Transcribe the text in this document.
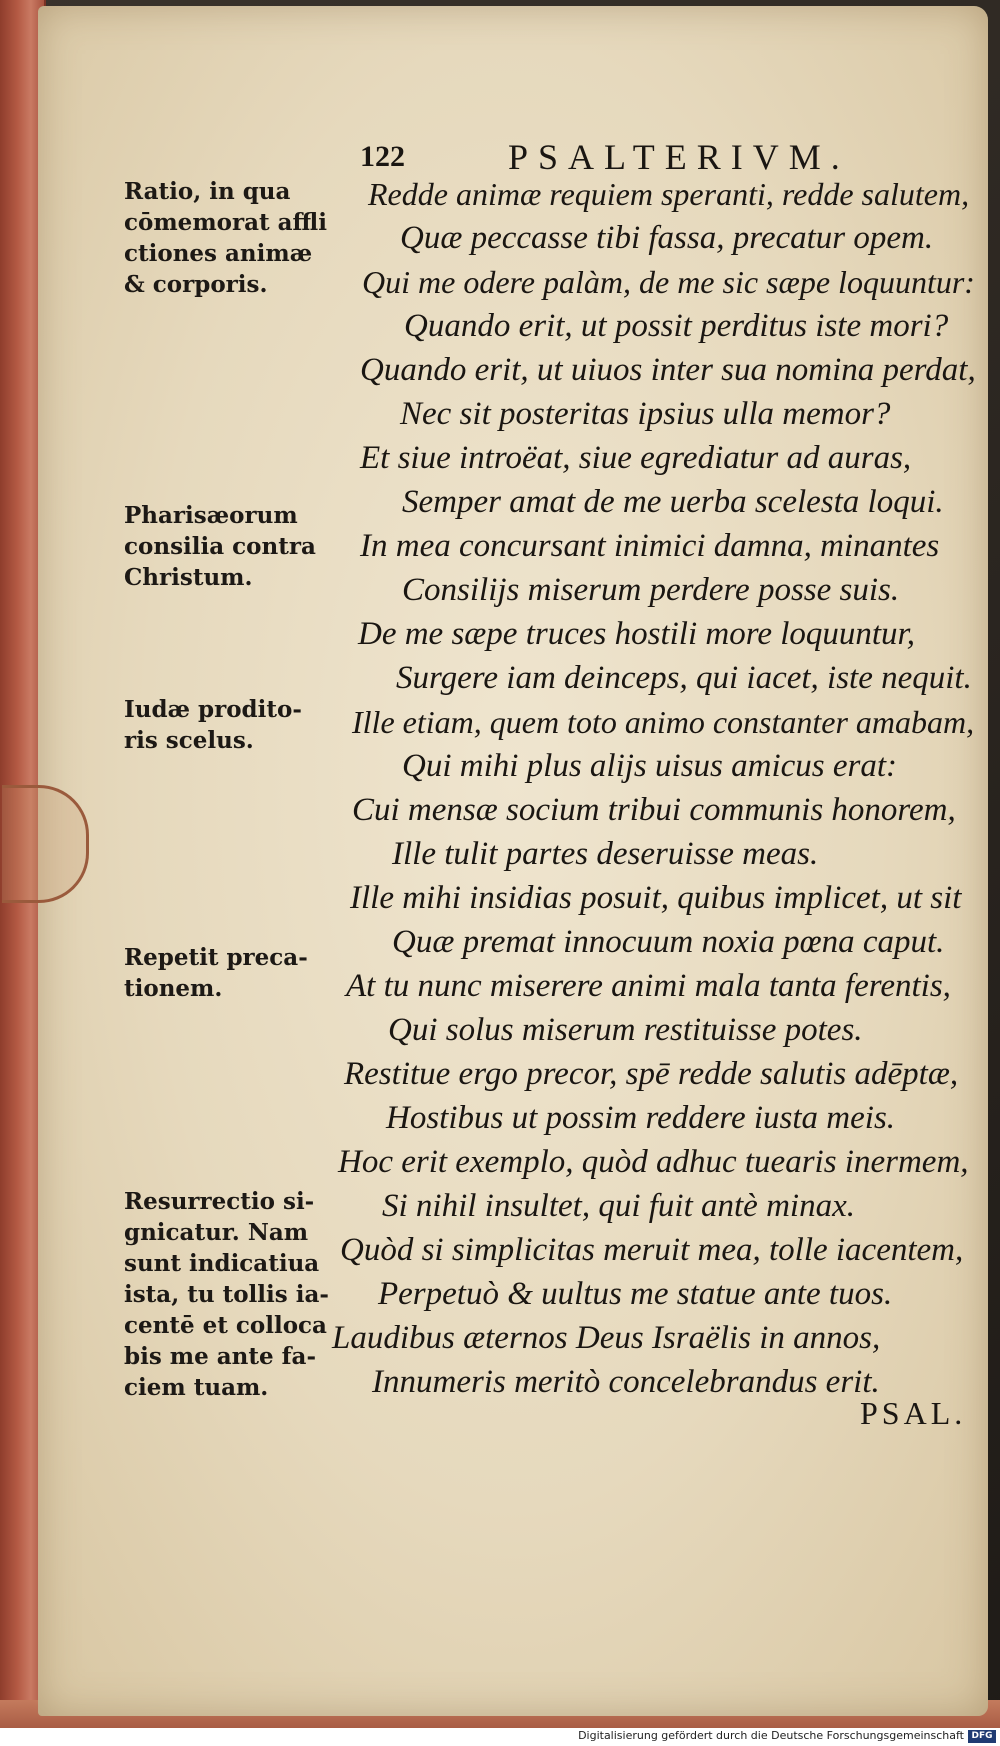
122	PSALTERIVM.
Ratio, in qua
cōmemorat affli
ctiones animæ
& corporis.
Pharisæorum
consilia contra
Christum.
Iudæ prodito-
ris scelus.
Repetit preca-
tionem.
Resurrectio si-
gnicatur. Nam
sunt indicatiua
ista, tu tollis ia-
centē et colloca
bis me ante fa-
ciem tuam.
Redde animæ requiem speranti, redde salutem,
Quæ peccasse tibi fassa, precatur opem.
Qui me odere palàm, de me sic sæpe loquuntur:
Quando erit, ut possit perditus iste mori?
Quando erit, ut uiuos inter sua nomina perdat,
Nec sit posteritas ipsius ulla memor?
Et siue introëat, siue egrediatur ad auras,
Semper amat de me uerba scelesta loqui.
In mea concursant inimici damna, minantes
Consilijs miserum perdere posse suis.
De me sæpe truces hostili more loquuntur,
Surgere iam deinceps, qui iacet, iste nequit.
Ille etiam, quem toto animo constanter amabam,
Qui mihi plus alijs uisus amicus erat:
Cui mensæ socium tribui communis honorem,
Ille tulit partes deseruisse meas.
Ille mihi insidias posuit, quibus implicet, ut sit
Quæ premat innocuum noxia pœna caput.
At tu nunc miserere animi mala tanta ferentis,
Qui solus miserum restituisse potes.
Restitue ergo precor, spē redde salutis adēptæ,
Hostibus ut possim reddere iusta meis.
Hoc erit exemplo, quòd adhuc tuearis inermem,
Si nihil insultet, qui fuit antè minax.
Quòd si simplicitas meruit mea, tolle iacentem,
Perpetuò & uultus me statue ante tuos.
Laudibus æternos Deus Israëlis in annos,
Innumeris meritò concelebrandus erit.
PSAL.
Digitalisierung gefördert durch die Deutsche Forschungsgemeinschaft DFG
